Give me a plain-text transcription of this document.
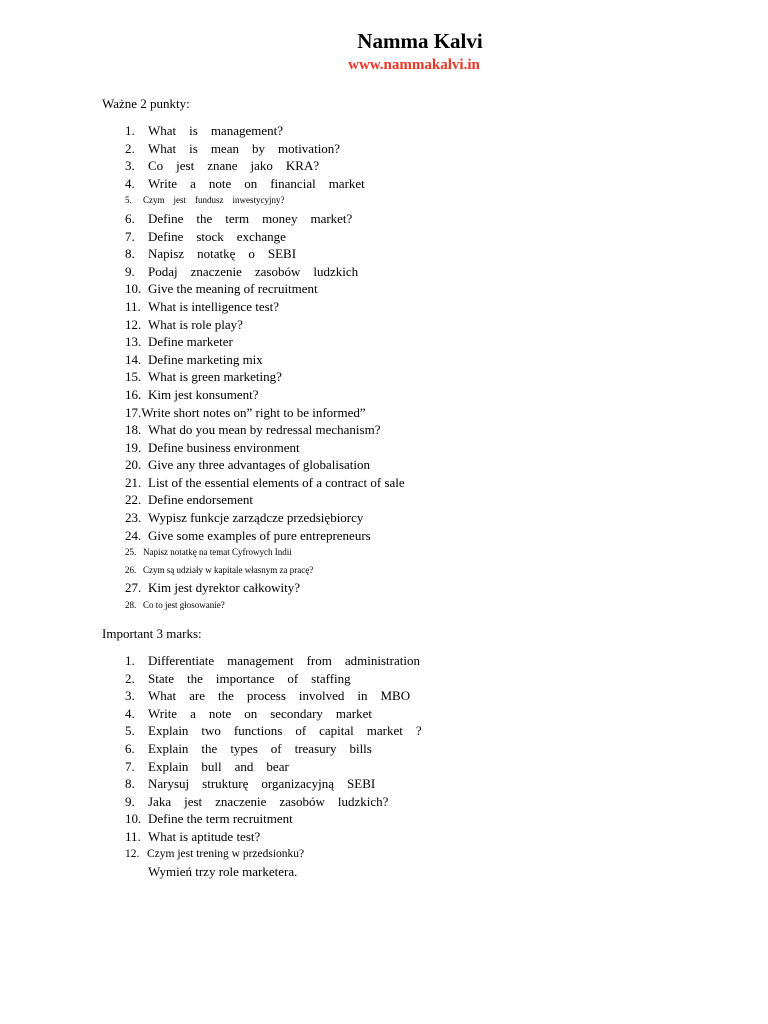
Namma Kalvi
www.nammakalvi.in
Ważne 2 punkty:
1. What    is    management?
2. What    is    mean    by    motivation?
3. Co    jest    znane    jako    KRA?
4. Write    a    note    on    financial    market
5. Czym    jest    fundusz    inwestycyjny?
6. Define    the    term    money    market?
7. Define    stock    exchange
8. Napisz    notatkę    o    SEBI
9. Podaj    znaczenie    zasobów    ludzkich
10. Give the meaning of recruitment
11. What is intelligence test?
12. What is role play?
13. Define marketer
14. Define marketing mix
15. What is green marketing?
16. Kim jest konsument?
17.Write short notes on” right to be informed”
18. What do you mean by redressal mechanism?
19. Define business environment
20. Give any three advantages of globalisation
21. List of the essential elements of a contract of sale
22. Define endorsement
23. Wypisz funkcje zarządcze przedsiębiorcy
24. Give some examples of pure entrepreneurs
25. Napisz notatkę na temat Cyfrowych Indii
26. Czym są udziały w kapitale własnym za pracę?
27. Kim jest dyrektor całkowity?
28. Co to jest głosowanie?
Important 3 marks:
1. Differentiate    management    from    administration
2. State    the    importance    of    staffing
3. What    are    the    process    involved    in    MBO
4. Write    a    note    on    secondary    market
5. Explain    two    functions    of    capital    market    ?
6. Explain    the    types    of    treasury    bills
7. Explain    bull    and    bear
8. Narysuj    strukturę    organizacyjną    SEBI
9. Jaka    jest    znaczenie    zasobów    ludzkich?
10. Define the term recruitment
11. What is aptitude test?
12. Czym jest trening w przedsionku?
Wymień trzy role marketera.
